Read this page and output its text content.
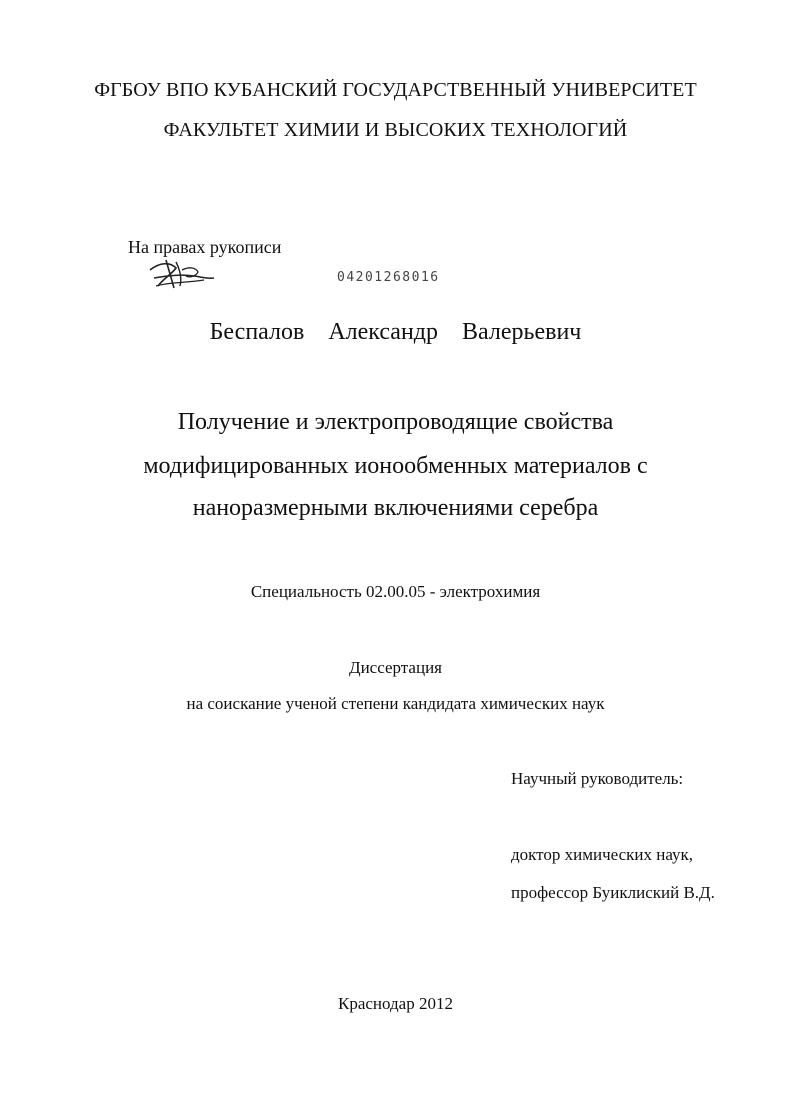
ФГБОУ ВПО КУБАНСКИЙ ГОСУДАРСТВЕННЫЙ УНИВЕРСИТЕТ
ФАКУЛЬТЕТ ХИМИИ И ВЫСОКИХ ТЕХНОЛОГИЙ
На правах рукописи
04201268016
Беспалов Александр Валерьевич
Получение и электропроводящие свойства
модифицированных ионообменных материалов с
наноразмерными включениями серебра
Специальность 02.00.05 - электрохимия
Диссертация
на соискание ученой степени кандидата химических наук
Научный руководитель:
доктор химических наук,
профессор Буиклиский В.Д.
Краснодар 2012
